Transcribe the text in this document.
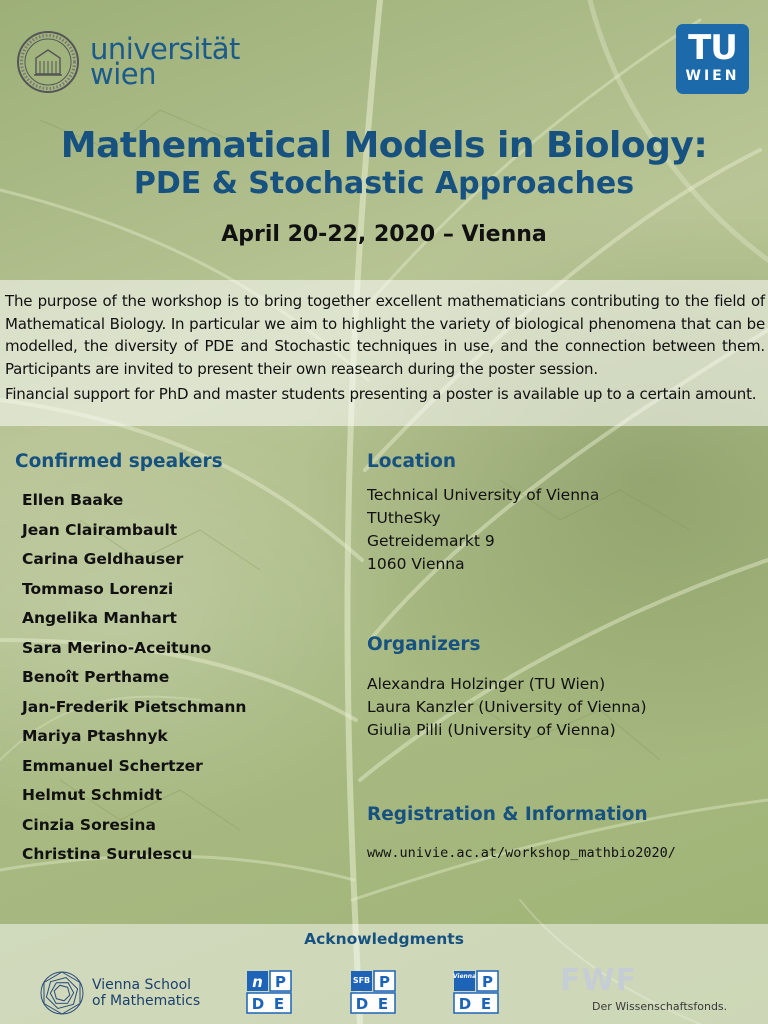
universität
wien
TU
WIEN
Mathematical Models in Biology:
PDE & Stochastic Approaches
April 20-22, 2020 – Vienna

The purpose of the workshop is to bring together excellent mathematicians contributing to the field of Mathematical Biology. In particular we aim to highlight the variety of biological phenomena that can be modelled, the diversity of PDE and Stochastic techniques in use, and the connection between them. Participants are invited to present their own reasearch during the poster session.

Financial support for PhD and master students presenting a poster is available up to a certain amount.

Confirmed speakers
Ellen Baake
Jean Clairambault
Carina Geldhauser
Tommaso Lorenzi
Angelika Manhart
Sara Merino-Aceituno
Benoît Perthame
Jan-Frederik Pietschmann
Mariya Ptashnyk
Emmanuel Schertzer
Helmut Schmidt
Cinzia Soresina
Christina Surulescu
Location
Technical University of Vienna
TUtheSky
Getreidemarkt 9
1060 Vienna
Organizers
Alexandra Holzinger (TU Wien)
Laura Kanzler (University of Vienna)
Giulia Pilli (University of Vienna)
Registration & Information
www.univie.ac.at/workshop_mathbio2020/
Acknowledgments
Vienna School
of Mathematics
n P
D E
SFB P
D E
Vienna P
D E
FWF
Der Wissenschaftsfonds.
